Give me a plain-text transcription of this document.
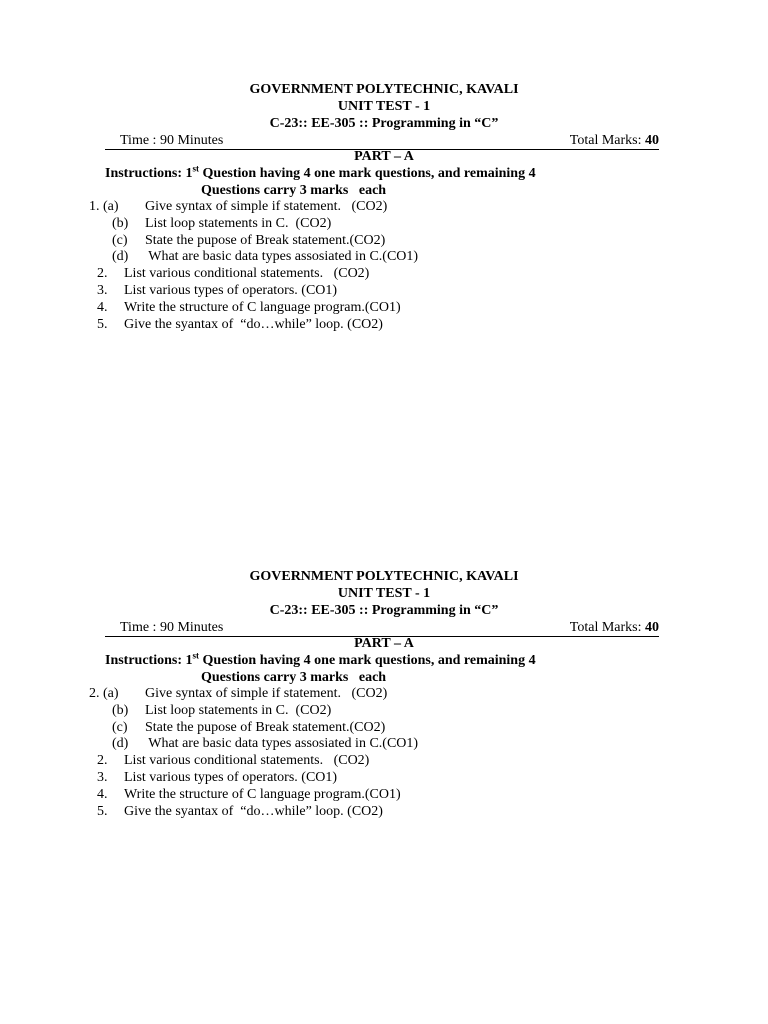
GOVERNMENT POLYTECHNIC, KAVALI
UNIT TEST - 1
C-23:: EE-305 :: Programming in “C”
Time : 90 Minutes	Total Marks: 40
PART – A
Instructions: 1st Question having 4 one mark questions, and remaining 4
Questions carry 3 marks   each

1. (a)

Give syntax of simple if statement.   (CO2)

(b)

List loop statements in C.  (CO2)

(c)

State the pupose of Break statement.(CO2)

(d)

What are basic data types assosiated in C.(CO1)

2.

List various conditional statements.   (CO2)

3.

List various types of operators. (CO1)

4.

Write the structure of C language program.(CO1)

5.

Give the syantax of  “do…while” loop. (CO2)

GOVERNMENT POLYTECHNIC, KAVALI
UNIT TEST - 1
C-23:: EE-305 :: Programming in “C”
Time : 90 Minutes	Total Marks: 40
PART – A
Instructions: 1st Question having 4 one mark questions, and remaining 4
Questions carry 3 marks   each

2. (a)

Give syntax of simple if statement.   (CO2)

(b)

List loop statements in C.  (CO2)

(c)

State the pupose of Break statement.(CO2)

(d)

What are basic data types assosiated in C.(CO1)

2.

List various conditional statements.   (CO2)

3.

List various types of operators. (CO1)

4.

Write the structure of C language program.(CO1)

5.

Give the syantax of  “do…while” loop. (CO2)
